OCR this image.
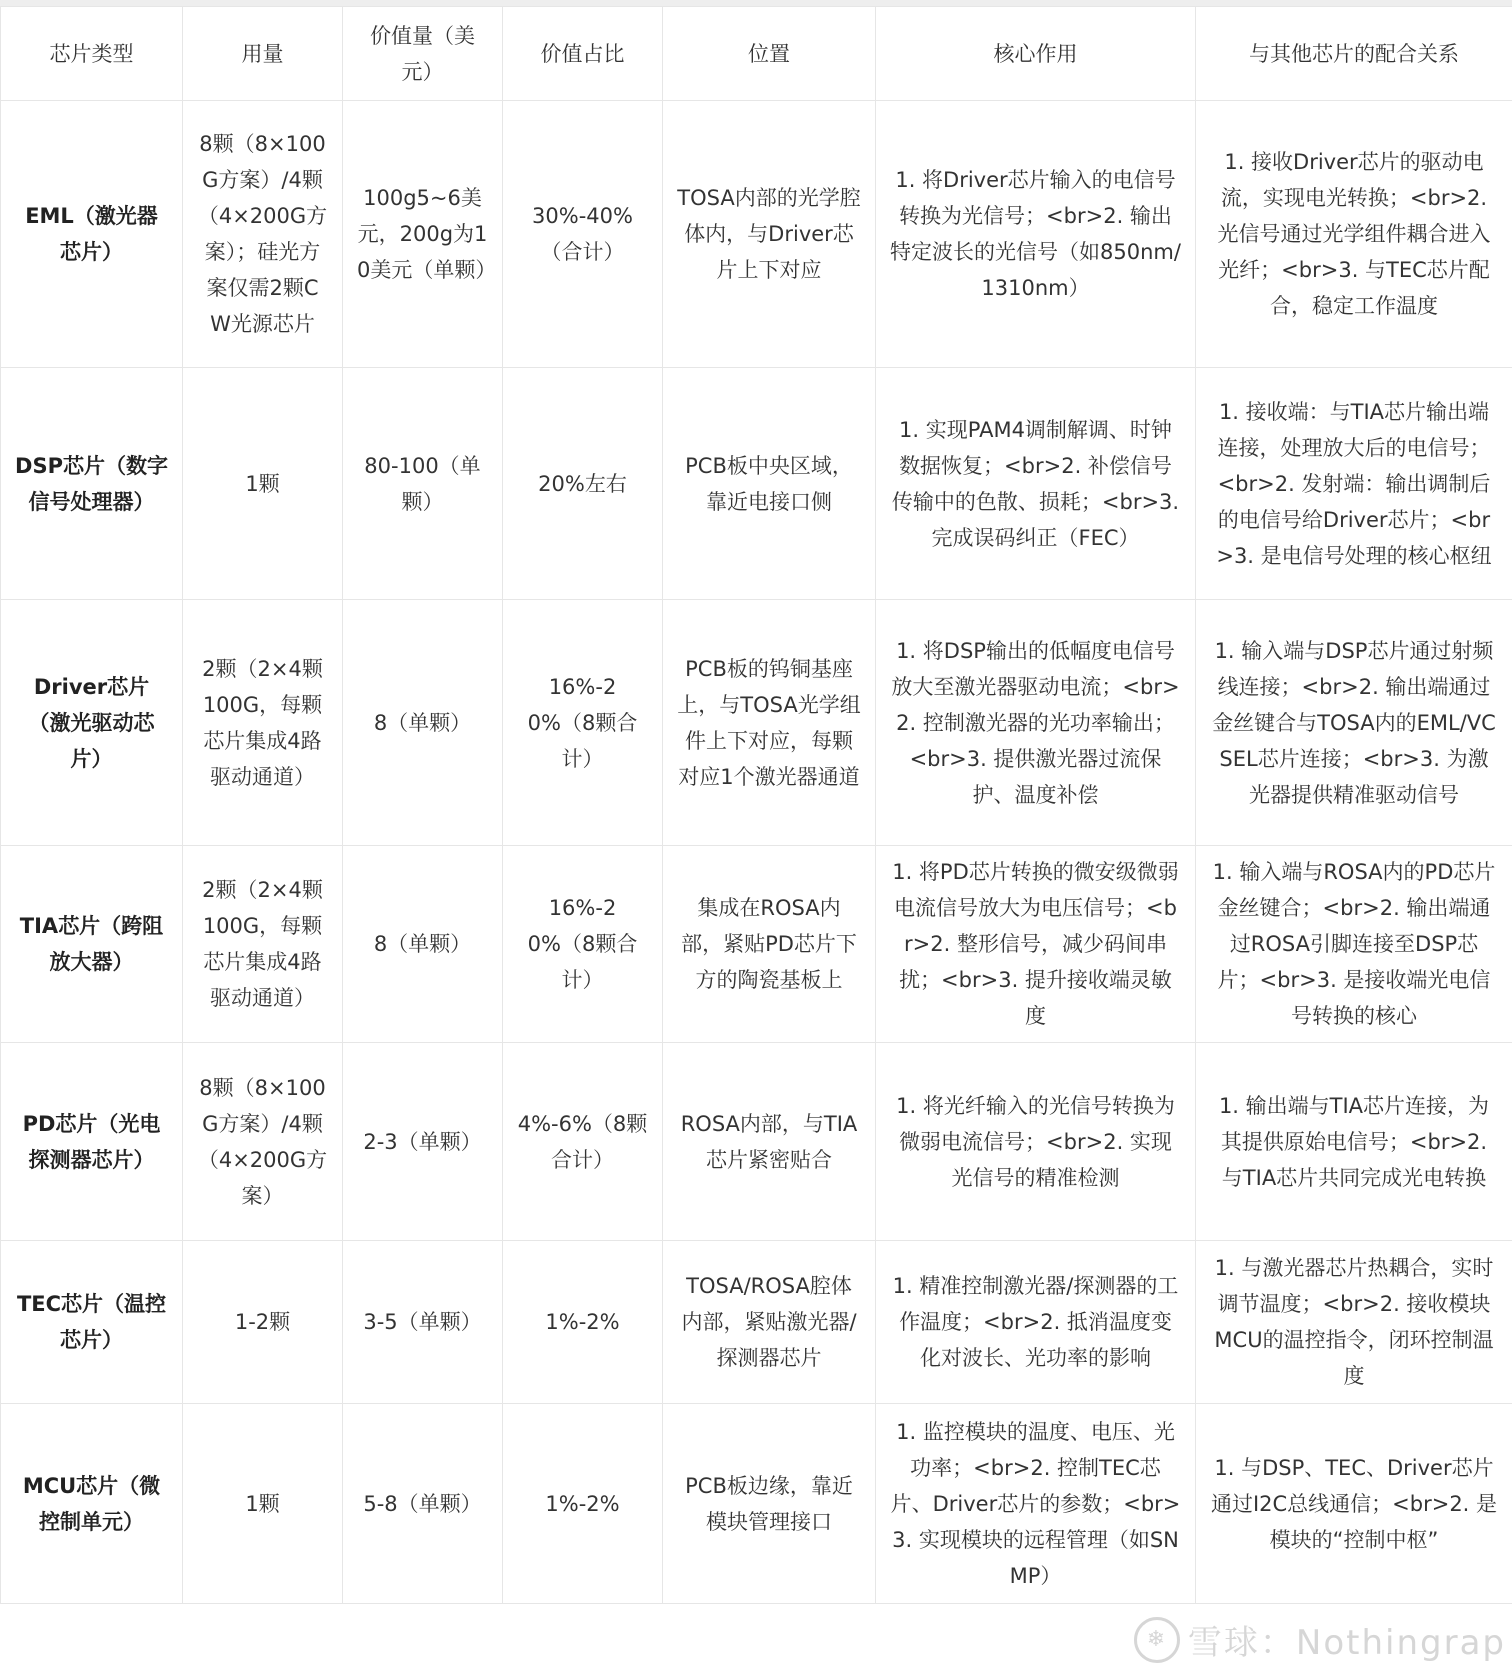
芯片类型	用量	价值量（美元）	价值占比	位置	核心作用	与其他芯片的配合关系
EML（激光器芯片）	8颗（8×100G方案）/4颗（4×200G方案）；硅光方案仅需2颗CW光源芯片	100g5~6美元，200g为10美元（单颗）	30%-40%（合计）	TOSA内部的光学腔体内，与Driver芯片上下对应	1. 将Driver芯片输入的电信号转换为光信号；<br>2. 输出特定波长的光信号（如850nm/1310nm）	1. 接收Driver芯片的驱动电流，实现电光转换；<br>2. 光信号通过光学组件耦合进入光纤；<br>3. 与TEC芯片配合，稳定工作温度
DSP芯片（数字信号处理器）	1颗	80-100（单颗）	20%左右	PCB板中央区域，靠近电接口侧	1. 实现PAM4调制解调、时钟数据恢复；<br>2. 补偿信号传输中的色散、损耗；<br>3. 完成误码纠正（FEC）	1. 接收端：与TIA芯片输出端连接，处理放大后的电信号；<br>2. 发射端：输出调制后的电信号给Driver芯片；<br>3. 是电信号处理的核心枢纽
Driver芯片（激光驱动芯片）	2颗（2×4颗100G，每颗芯片集成4路驱动通道）	8（单颗）	16%-20%（8颗合计）	PCB板的钨铜基座上，与TOSA光学组件上下对应，每颗对应1个激光器通道	1. 将DSP输出的低幅度电信号放大至激光器驱动电流；<br>2. 控制激光器的光功率输出；<br>3. 提供激光器过流保护、温度补偿	1. 输入端与DSP芯片通过射频线连接；<br>2. 输出端通过金丝键合与TOSA内的EML/VCSEL芯片连接；<br>3. 为激光器提供精准驱动信号
TIA芯片（跨阻放大器）	2颗（2×4颗100G，每颗芯片集成4路驱动通道）	8（单颗）	16%-20%（8颗合计）	集成在ROSA内部，紧贴PD芯片下方的陶瓷基板上	1. 将PD芯片转换的微安级微弱电流信号放大为电压信号；<br>2. 整形信号，减少码间串扰；<br>3. 提升接收端灵敏度	1. 输入端与ROSA内的PD芯片金丝键合；<br>2. 输出端通过ROSA引脚连接至DSP芯片；<br>3. 是接收端光电信号转换的核心
PD芯片（光电探测器芯片）	8颗（8×100G方案）/4颗（4×200G方案）	2-3（单颗）	4%-6%（8颗合计）	ROSA内部，与TIA芯片紧密贴合	1. 将光纤输入的光信号转换为微弱电流信号；<br>2. 实现光信号的精准检测	1. 输出端与TIA芯片连接，为其提供原始电信号；<br>2. 与TIA芯片共同完成光电转换
TEC芯片（温控芯片）	1-2颗	3-5（单颗）	1%-2%	TOSA/ROSA腔体内部，紧贴激光器/探测器芯片	1. 精准控制激光器/探测器的工作温度；<br>2. 抵消温度变化对波长、光功率的影响	1. 与激光器芯片热耦合，实时调节温度；<br>2. 接收模块MCU的温控指令，闭环控制温度
MCU芯片（微控制单元）	1颗	5-8（单颗）	1%-2%	PCB板边缘，靠近模块管理接口	1. 监控模块的温度、电压、光功率；<br>2. 控制TEC芯片、Driver芯片的参数；<br>3. 实现模块的远程管理（如SNMP）	1. 与DSP、TEC、Driver芯片通过I2C总线通信；<br>2. 是模块的“控制中枢”
❄ 雪球：Nothingrap
